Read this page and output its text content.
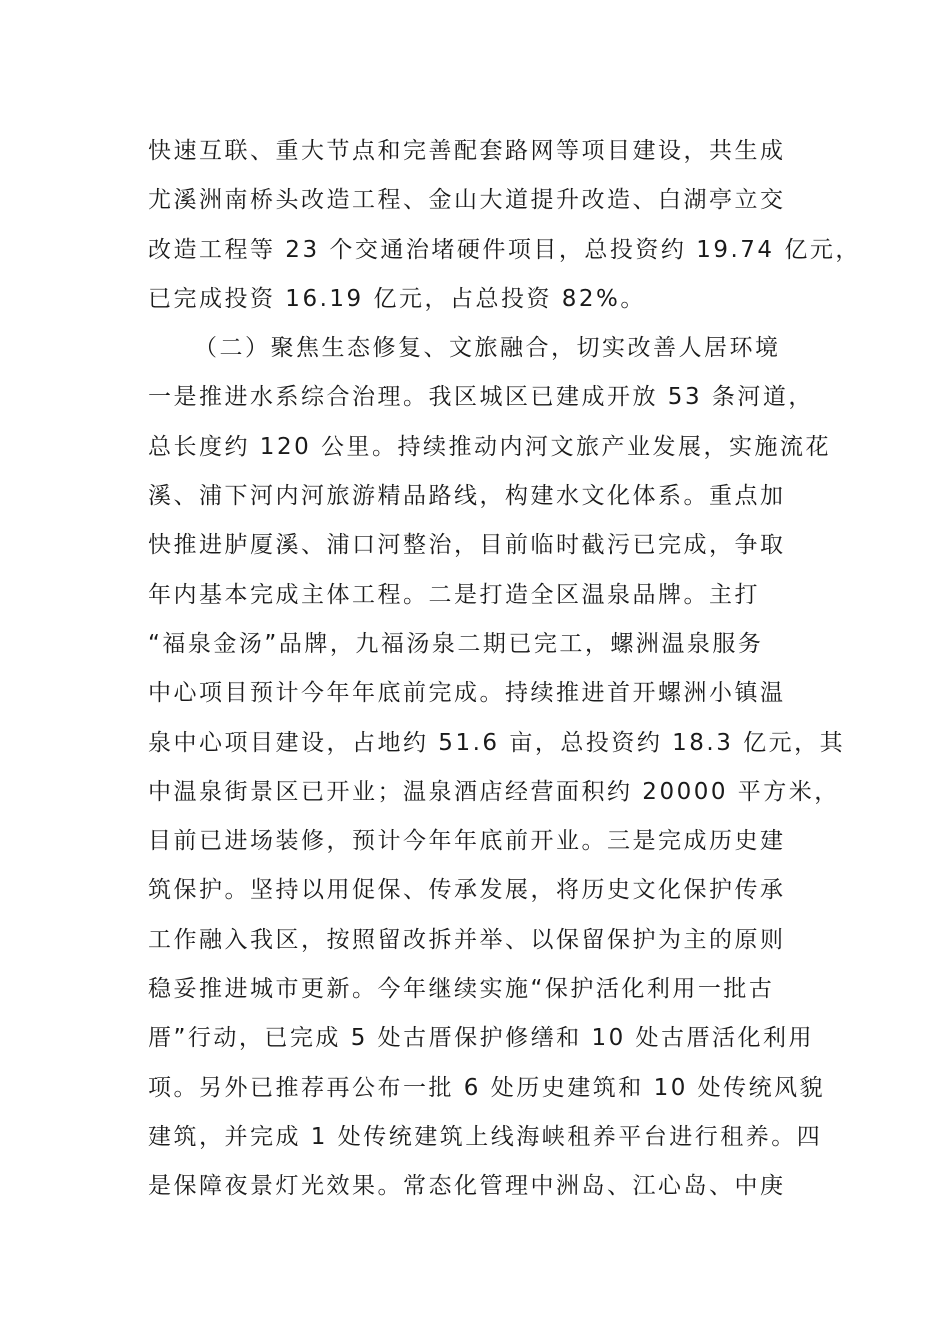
快速互联、重大节点和完善配套路网等项目建设，共生成
尤溪洲南桥头改造工程、金山大道提升改造、白湖亭立交
改造工程等 23 个交通治堵硬件项目，总投资约 19.74 亿元，
已完成投资 16.19 亿元，占总投资 82%。
（二）聚焦生态修复、文旅融合，切实改善人居环境
一是推进水系综合治理。我区城区已建成开放 53 条河道，
总长度约 120 公里。持续推动内河文旅产业发展，实施流花
溪、浦下河内河旅游精品路线，构建水文化体系。重点加
快推进胪厦溪、浦口河整治，目前临时截污已完成，争取
年内基本完成主体工程。二是打造全区温泉品牌。主打
“福泉金汤”品牌，九福汤泉二期已完工，螺洲温泉服务
中心项目预计今年年底前完成。持续推进首开螺洲小镇温
泉中心项目建设，占地约 51.6 亩，总投资约 18.3 亿元，其
中温泉街景区已开业；温泉酒店经营面积约 20000 平方米，
目前已进场装修，预计今年年底前开业。三是完成历史建
筑保护。坚持以用促保、传承发展，将历史文化保护传承
工作融入我区，按照留改拆并举、以保留保护为主的原则
稳妥推进城市更新。今年继续实施“保护活化利用一批古
厝”行动，已完成 5 处古厝保护修缮和 10 处古厝活化利用
项。另外已推荐再公布一批 6 处历史建筑和 10 处传统风貌
建筑，并完成 1 处传统建筑上线海峡租养平台进行租养。四
是保障夜景灯光效果。常态化管理中洲岛、江心岛、中庚
